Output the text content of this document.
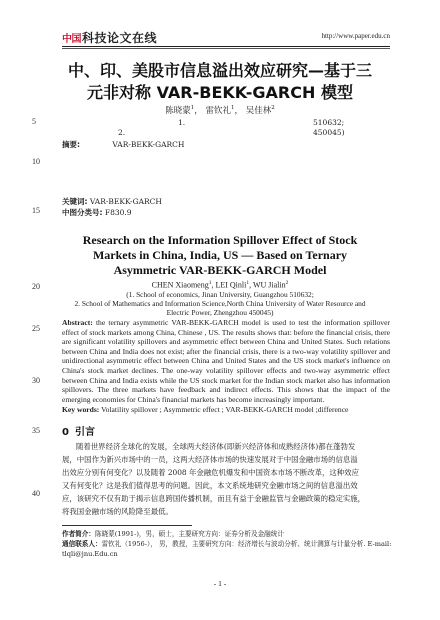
中国 科技论文在线	http://www.paper.edu.cn
中、印、美股市信息溢出效应研究—基于三
元非对称 VAR-BEKK-GARCH 模型
陈晓蒙$^1$， 雷钦礼$^1$， 吴佳林$^2$
5
10
15
20
25
30
35
40
1.	510632;
2.	450045)
摘要:	VAR-BEKK-GARCH
关键词: VAR-BEKK-GARCH
中图分类号: F830.9
Research on the Information Spillover Effect of Stock
Markets in China, India, US — Based on Ternary
Asymmetric VAR-BEKK-GARCH Model
CHEN Xiaomeng$^1$, LEI Qinli$^1$, WU Jialin$^2$
(1. School of economics, Jinan University, Guangzhou 510632;
2. School of Mathematics and Information Science,North China University of Water Resource and
Electric Power, Zhengzhou 450045)
Abstract: the ternary asymmetric VAR-BEKK-GARCH model is used to test the information spillover effect of stock markets among China, Chinese , US. The results shows that: before the financial crisis, there are significant volatility spillovers and asymmetric effect between China and United States. Such relations between China and India does not exist; after the financial crisis, there is a two-way volatility spillover and unidirectional asymmetric effect between China and United States and the US stock market's influence on China's stock market declines. The one-way volatility spillover effects and two-way asymmetric effect between China and India exists while the US stock market for the Indian stock market also has information spillovers. The three markets have feedback and indirect effects. This shows that the impact of the emerging economies for China's financial markets has become increasingly important.
Key words: Volatility spillover ; Asymmetric effect ; VAR-BEKK-GARCH model ;difference
0 引言
随着世界经济全球化的发展，全球两大经济体(即新兴经济体和成熟经济体)都在蓬勃发
展，中国作为新兴市场中的一员，这两大经济体市场的快速发展对于中国金融市场的信息溢
出效应分别有何变化？以及随着 2008 年金融危机爆发和中国资本市场不断改革，这种效应
又有何变化？这是我们值得思考的问题。因此，本文系统地研究金融市场之间的信息溢出效
应，该研究不仅有助于揭示信息跨国传播机制，而且有益于金融监管与金融政策的稳定实施，
将我国金融市场的风险降至最低。
作者简介：陈晓蒙(1991-)，男，硕士，主要研究方向：证券分析及金融统计
通信联系人：雷钦礼（1956-）， 男，教授，主要研究方向：经济增长与波动分析、统计测算与计量分析. E-mail:
tlqli@jnu.Edu.cn
- 1 -
